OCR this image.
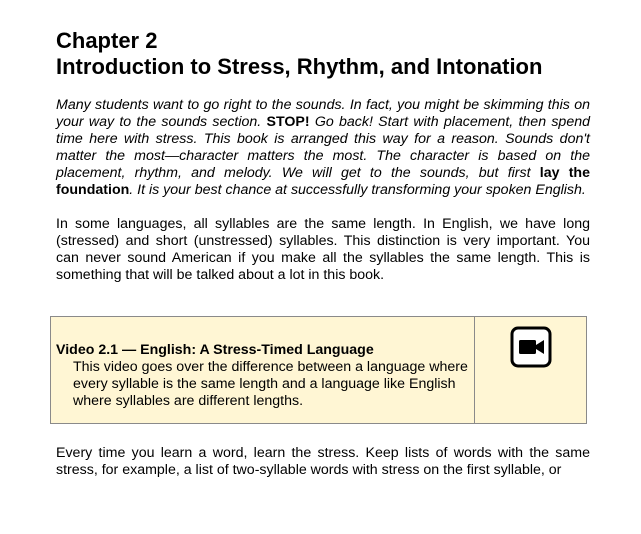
Chapter 2
Introduction to Stress, Rhythm, and Intonation

Many students want to go right to the sounds. In fact, you might be skimming this on your way to the sounds section. STOP! Go back! Start with placement, then spend time here with stress. This book is arranged this way for a reason. Sounds don't matter the most—character matters the most. The character is based on the placement, rhythm, and melody. We will get to the sounds, but first lay the foundation. It is your best chance at successfully transforming your spoken English.

In some languages, all syllables are the same length. In English, we have long (stressed) and short (unstressed) syllables. This distinction is very important. You can never sound American if you make all the syllables the same length. This is something that will be talked about a lot in this book.

Video 2.1 — English: A Stress-Timed Language
This video goes over the difference between a language where every syllable is the same length and a language like English where syllables are different lengths.

Every time you learn a word, learn the stress. Keep lists of words with the same stress, for example, a list of two-syllable words with stress on the first syllable, or
